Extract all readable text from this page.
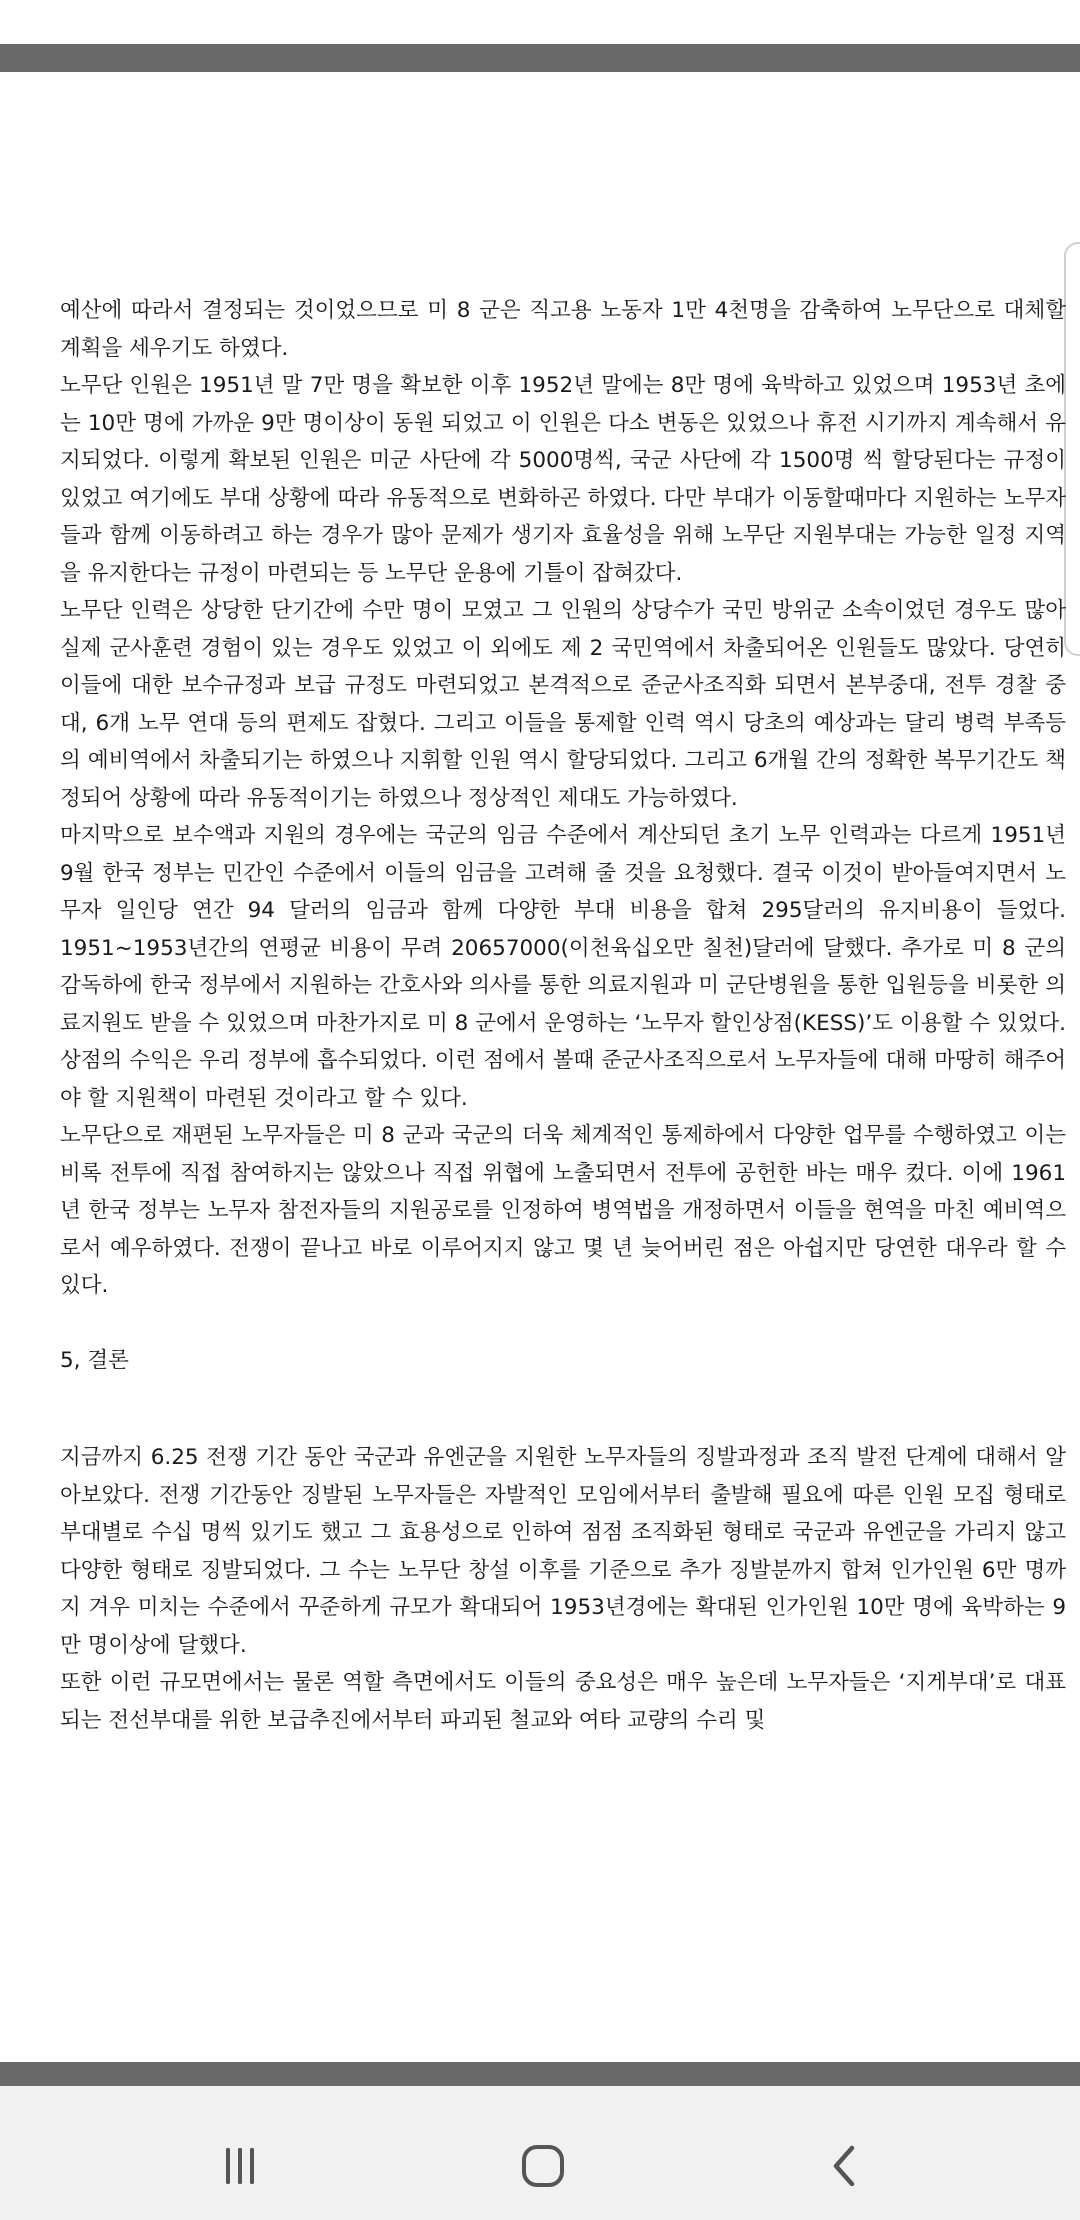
예산에 따라서 결정되는 것이었으므로 미 8 군은 직고용 노동자 1만 4천명을 감축하여 노무단으로 대체할 계획을 세우기도 하였다.

노무단 인원은 1951년 말 7만 명을 확보한 이후 1952년 말에는 8만 명에 육박하고 있었으며 1953년 초에는 10만 명에 가까운 9만 명이상이 동원 되었고 이 인원은 다소 변동은 있었으나 휴전 시기까지 계속해서 유지되었다. 이렇게 확보된 인원은 미군 사단에 각 5000명씩, 국군 사단에 각 1500명 씩 할당된다는 규정이 있었고 여기에도 부대 상황에 따라 유동적으로 변화하곤 하였다. 다만 부대가 이동할때마다 지원하는 노무자들과 함께 이동하려고 하는 경우가 많아 문제가 생기자 효율성을 위해 노무단 지원부대는 가능한 일정 지역을 유지한다는 규정이 마련되는 등 노무단 운용에 기틀이 잡혀갔다.

노무단 인력은 상당한 단기간에 수만 명이 모였고 그 인원의 상당수가 국민 방위군 소속이었던 경우도 많아 실제 군사훈련 경험이 있는 경우도 있었고 이 외에도 제 2 국민역에서 차출되어온 인원들도 많았다. 당연히 이들에 대한 보수규정과 보급 규정도 마련되었고 본격적으로 준군사조직화 되면서 본부중대, 전투 경찰 중대, 6개 노무 연대 등의 편제도 잡혔다. 그리고 이들을 통제할 인력 역시 당초의 예상과는 달리 병력 부족등의 예비역에서 차출되기는 하였으나 지휘할 인원 역시 할당되었다. 그리고 6개월 간의 정확한 복무기간도 책정되어 상황에 따라 유동적이기는 하였으나 정상적인 제대도 가능하였다.

마지막으로 보수액과 지원의 경우에는 국군의 임금 수준에서 계산되던 초기 노무 인력과는 다르게 1951년 9월 한국 정부는 민간인 수준에서 이들의 임금을 고려해 줄 것을 요청했다. 결국 이것이 받아들여지면서 노무자 일인당 연간 94 달러의 임금과 함께 다양한 부대 비용을 합쳐 295달러의 유지비용이 들었다. 1951~1953년간의 연평균 비용이 무려 20657000(이천육십오만 칠천)달러에 달했다. 추가로 미 8 군의 감독하에 한국 정부에서 지원하는 간호사와 의사를 통한 의료지원과 미 군단병원을 통한 입원등을 비롯한 의료지원도 받을 수 있었으며 마찬가지로 미 8 군에서 운영하는 ‘노무자 할인상점(KESS)’도 이용할 수 있었다. 상점의 수익은 우리 정부에 흡수되었다. 이런 점에서 볼때 준군사조직으로서 노무자들에 대해 마땅히 해주어야 할 지원책이 마련된 것이라고 할 수 있다.

노무단으로 재편된 노무자들은 미 8 군과 국군의 더욱 체계적인 통제하에서 다양한 업무를 수행하였고 이는 비록 전투에 직접 참여하지는 않았으나 직접 위협에 노출되면서 전투에 공헌한 바는 매우 컸다. 이에 1961년 한국 정부는 노무자 참전자들의 지원공로를 인정하여 병역법을 개정하면서 이들을 현역을 마친 예비역으로서 예우하였다. 전쟁이 끝나고 바로 이루어지지 않고 몇 년 늦어버린 점은 아쉽지만 당연한 대우라 할 수 있다.

5, 결론

지금까지 6.25 전쟁 기간 동안 국군과 유엔군을 지원한 노무자들의 징발과정과 조직 발전 단계에 대해서 알아보았다. 전쟁 기간동안 징발된 노무자들은 자발적인 모임에서부터 출발해 필요에 따른 인원 모집 형태로 부대별로 수십 명씩 있기도 했고 그 효용성으로 인하여 점점 조직화된 형태로 국군과 유엔군을 가리지 않고 다양한 형태로 징발되었다. 그 수는 노무단 창설 이후를 기준으로 추가 징발분까지 합쳐 인가인원 6만 명까지 겨우 미치는 수준에서 꾸준하게 규모가 확대되어 1953년경에는 확대된 인가인원 10만 명에 육박하는 9만 명이상에 달했다.

또한 이런 규모면에서는 물론 역할 측면에서도 이들의 중요성은 매우 높은데 노무자들은 ‘지게부대’로 대표되는 전선부대를 위한 보급추진에서부터 파괴된 철교와 여타 교량의 수리 및
